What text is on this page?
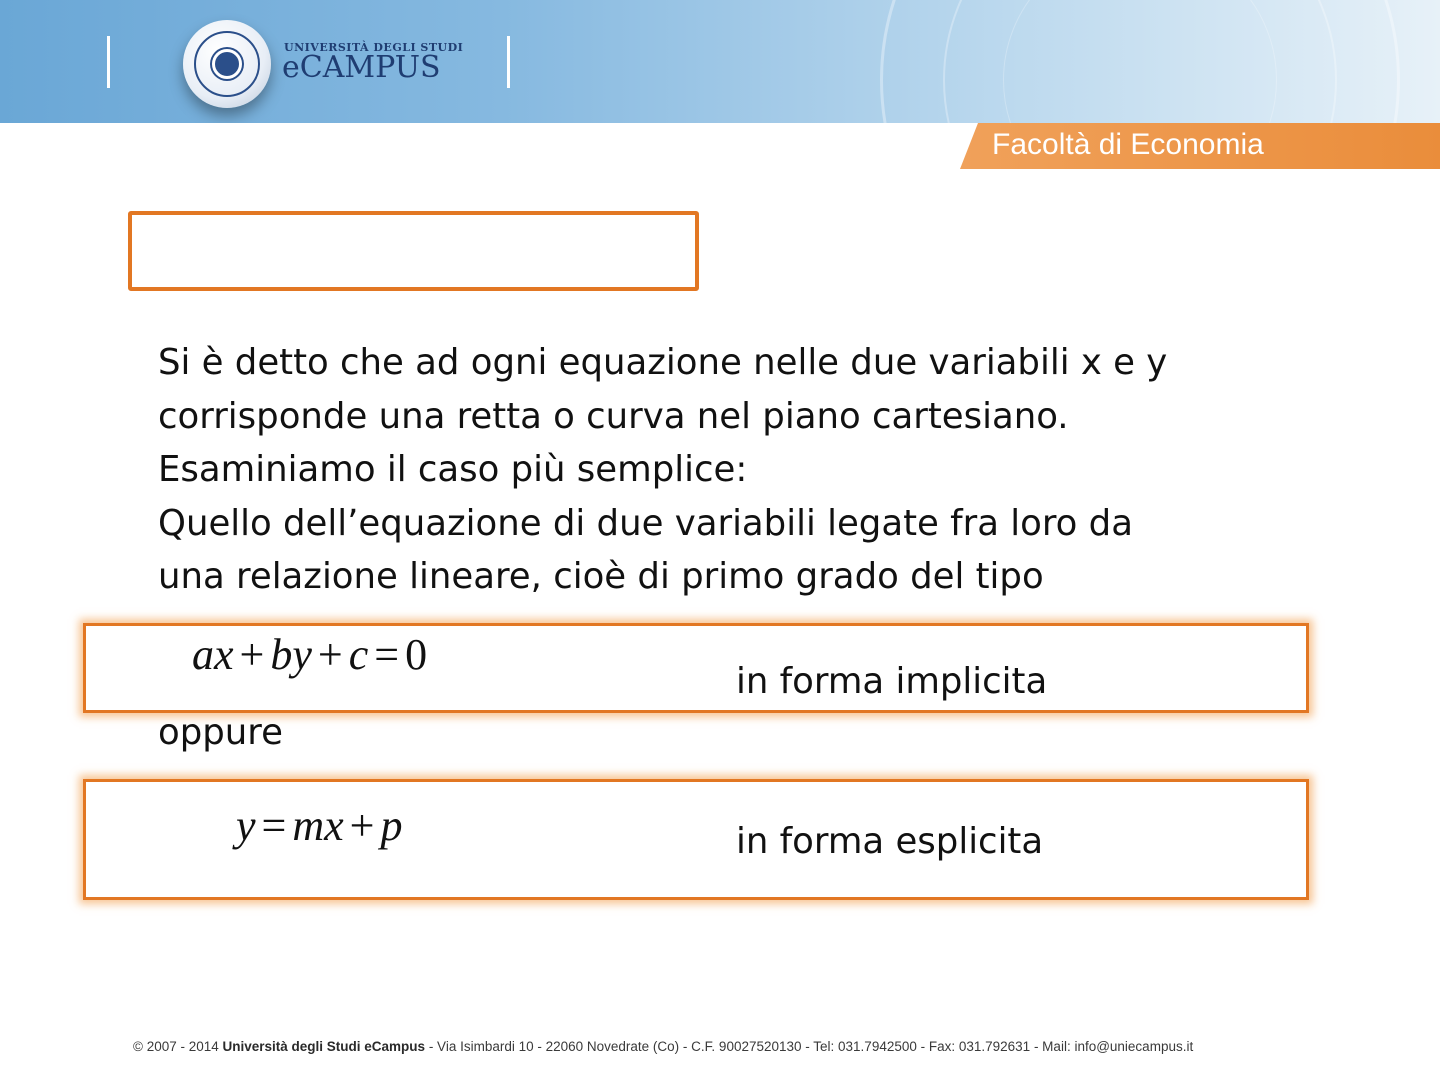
UNIVERSITÀ DEGLI STUDI
eCAMPUS
Facoltà di Economia
Si è detto che ad ogni equazione nelle due variabili x e y
corrisponde una retta o curva nel piano cartesiano.
Esaminiamo il caso più semplice:
Quello dell’equazione di due variabili legate fra loro da
una relazione lineare, cioè di primo grado del tipo
ax + by + c = 0
in forma implicita
oppure
y = mx + p	in forma esplicita
© 2007 - 2014 Università degli Studi eCampus - Via Isimbardi 10 - 22060 Novedrate (Co) - C.F. 90027520130 - Tel: 031.7942500 - Fax: 031.792631 - Mail: info@uniecampus.it
